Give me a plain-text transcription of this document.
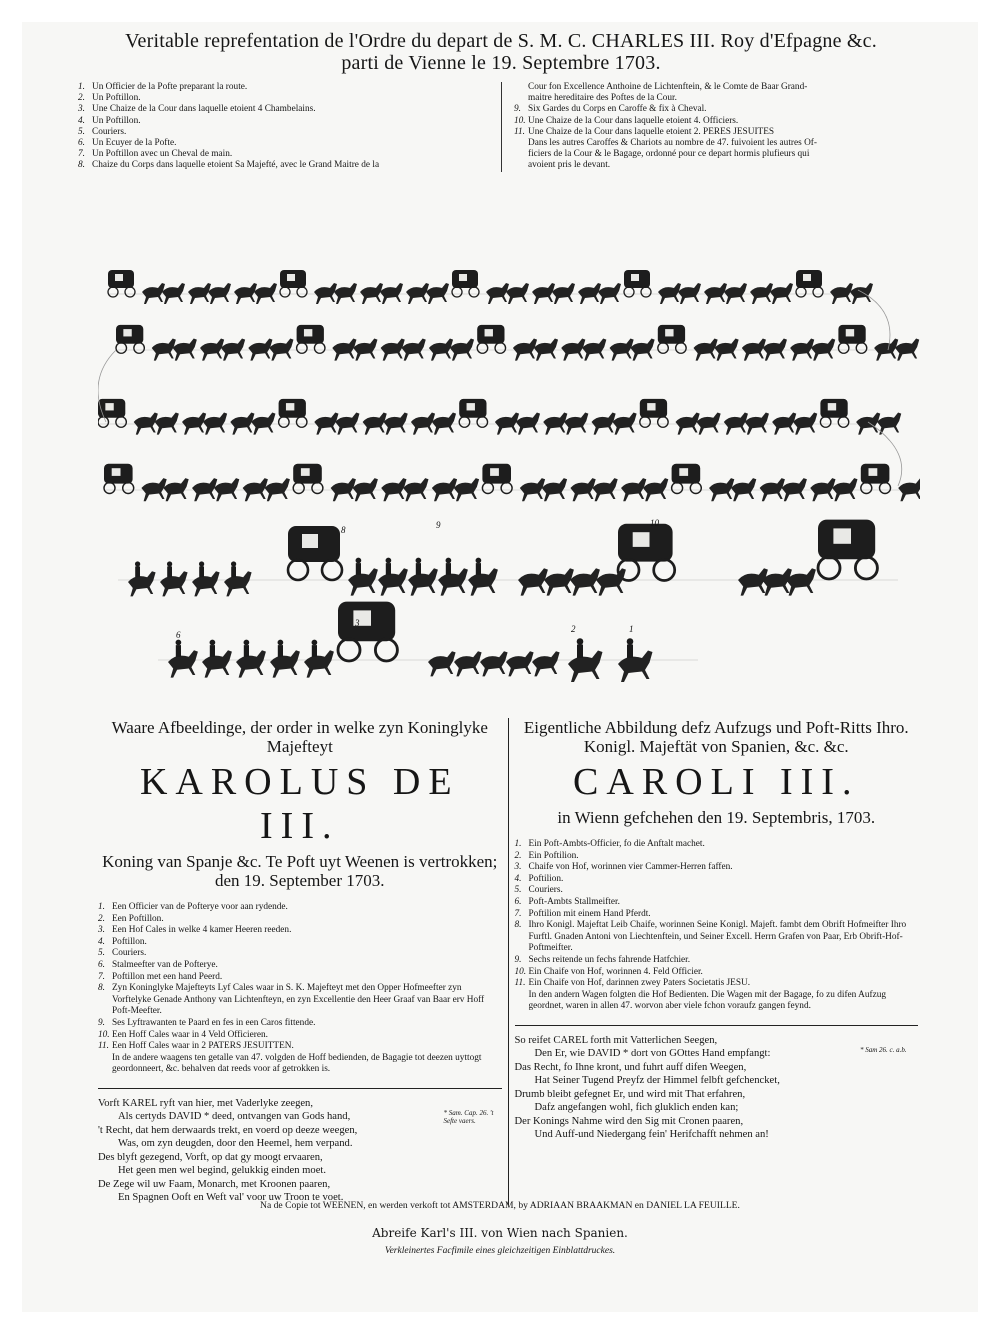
Veritable reprefentation de l'Ordre du depart de S. M. C. CHARLES III. Roy d'Efpagne &c.
parti de Vienne le 19. Septembre 1703.
1. Un Officier de la Pofte preparant la route.
2. Un Poftillon.
3. Une Chaize de la Cour dans laquelle etoient 4 Chambelains.
4. Un Poftillon.
5. Couriers.
6. Un Ecuyer de la Pofte.
7. Un Poftillon avec un Cheval de main.
8. Chaize du Corps dans laquelle etoient Sa Majefté, avec le Grand Maitre de la
Cour fon Excellence Anthoine de Lichtenftein, & le Comte de Baar Grand-
maitre hereditaire des Poftes de la Cour.
9. Six Gardes du Corps en Caroffe & fix à Cheval.
10. Une Chaize de la Cour dans laquelle etoient 4. Officiers.
11. Une Chaize de la Cour dans laquelle etoient 2. PERES JESUITES
Dans les autres Caroffes & Chariots au nombre de 47. fuivoient les autres Of-
ficiers de la Cour & le Bagage, ordonné pour ce depart hormis plufieurs qui
avoient pris le devant.
8	9	10
6
3
2	1
Waare Afbeeldinge, der order in welke zyn Koninglyke Majefteyt
KAROLUS DE III.
Koning van Spanje &c. Te Poft uyt Weenen is vertrokken; den 19. September 1703.
1. Een Officier van de Pofterye voor aan rydende.
2. Een Poftillon.
3. Een Hof Cales in welke 4 kamer Heeren reeden.
4. Poftillon.
5. Couriers.
6. Stalmeefter van de Pofterye.
7. Poftillon met een hand Peerd.
8. Zyn Koninglyke Majefteyts Lyf Cales waar in S. K. Majefteyt met den Opper Hofmeefter zyn Vorftelyke Genade Anthony van Lichtenfteyn, en zyn Excellentie den Heer Graaf van Baar erv Hoff Poft-Meefter.
9. Ses Lyftrawanten te Paard en fes in een Caros fittende.
10. Een Hoff Cales waar in 4 Veld Officieren.
11. Een Hoff Cales waar in 2 PATERS JESUITTEN.
In de andere waagens ten getalle van 47. volgden de Hoff bedienden, de Bagagie tot deezen uyttogt geordonneert, &c. behalven dat reeds voor af getrokken is.
* Sam. Cap. 26. 't Sefte vaers.
Vorft KAREL ryft van hier, met Vaderlyke zeegen,
Als certyds DAVID * deed, ontvangen van Gods hand,
't Recht, dat hem derwaards trekt, en voerd op deeze weegen,
Was, om zyn deugden, door den Heemel, hem verpand.
Des blyft gezegend, Vorft, op dat gy moogt ervaaren,
Het geen men wel begind, gelukkig einden moet.
De Zege wil uw Faam, Monarch, met Kroonen paaren,
En Spagnen Ooft en Weft val' voor uw Troon te voet.
Eigentliche Abbildung defz Aufzugs und Poft-Ritts Ihro. Konigl. Majeftät von Spanien, &c. &c.
CAROLI III.
in Wienn gefchehen den 19. Septembris, 1703.
1. Ein Poft-Ambts-Officier, fo die Anftalt machet.
2. Ein Poftilion.
3. Chaife von Hof, worinnen vier Cammer-Herren faffen.
4. Poftilion.
5. Couriers.
6. Poft-Ambts Stallmeifter.
7. Poftilion mit einem Hand Pferdt.
8. Ihro Konigl. Majeftat Leib Chaife, worinnen Seine Konigl. Majeft. fambt dem Obrift Hofmeifter Ihro Furftl. Gnaden Antoni von Liechtenftein, und Seiner Excell. Herrn Grafen von Paar, Erb Obrift-Hof-Poftmeifter.
9. Sechs reitende un fechs fahrende Hatfchier.
10. Ein Chaife von Hof, worinnen 4. Feld Officier.
11. Ein Chaife von Hof, darinnen zwey Paters Societatis JESU.
In den andern Wagen folgten die Hof Bedienten. Die Wagen mit der Bagage, fo zu difen Aufzug geordnet, waren in allen 47. worvon aber viele fchon voraufz gangen feynd.
* Sam 26. c. a.b.
So reifet CAREL forth mit Vatterlichen Seegen,
Den Er, wie DAVID * dort von GOttes Hand empfangt:
Das Recht, fo Ihne kront, und fuhrt auff difen Weegen,
Hat Seiner Tugend Preyfz der Himmel felbft gefchencket,
Drumb bleibt gefegnet Er, und wird mit That erfahren,
Dafz angefangen wohl, fich gluklich enden kan;
Der Konings Nahme wird den Sig mit Cronen paaren,
Und Auff-und Niedergang fein' Herifchafft nehmen an!
Na de Copie tot WEENEN, en werden verkoft tot AMSTERDAM, by ADRIAAN BRAAKMAN en DANIEL LA FEUILLE.
Abreife Karl's III. von Wien nach Spanien.
Verkleinertes Facfimile eines gleichzeitigen Einblattdruckes.
